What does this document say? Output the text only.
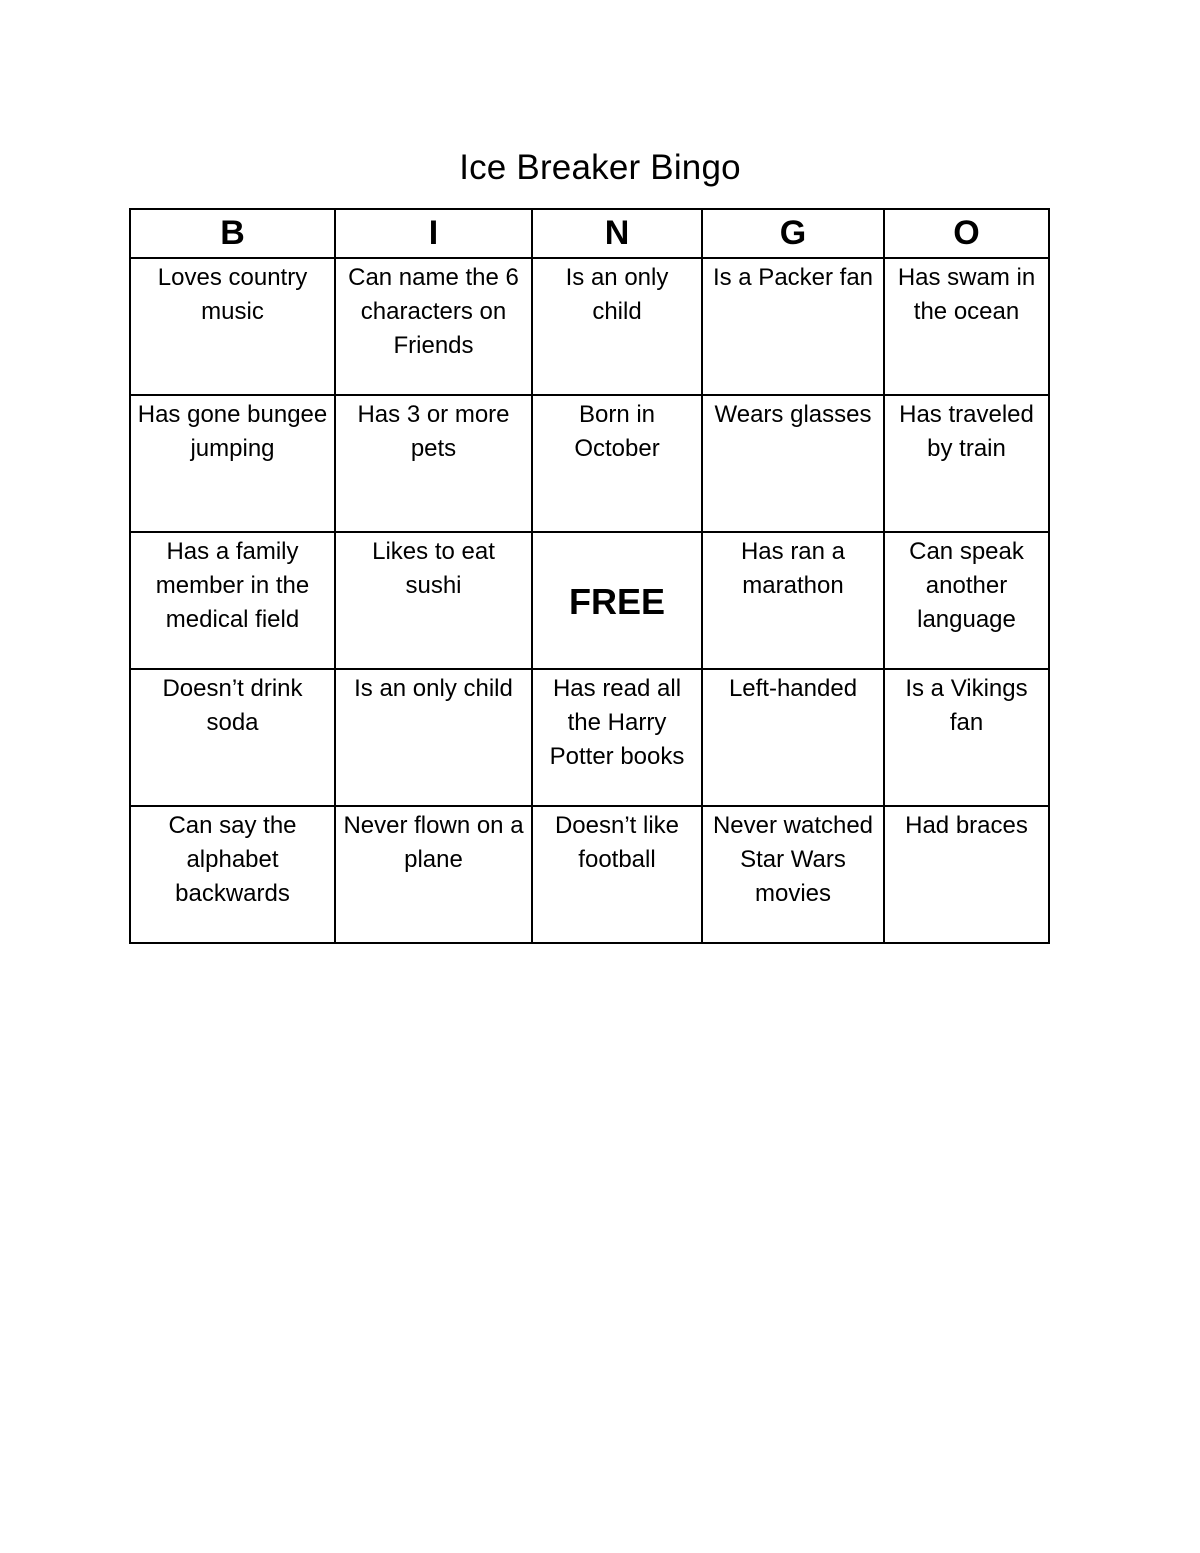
Ice Breaker Bingo
B	I	N	G	O
Loves country music	Can name the 6 characters on Friends	Is an only child	Is a Packer fan	Has swam in the ocean
Has gone bungee jumping	Has 3 or more pets	Born in October	Wears glasses	Has traveled by train
Has a family member in the medical field	Likes to eat sushi	FREE	Has ran a marathon	Can speak another language
Doesn’t drink soda	Is an only child	Has read all the Harry Potter books	Left-handed	Is a Vikings fan
Can say the alphabet backwards	Never flown on a plane	Doesn’t like football	Never watched Star Wars movies	Had braces
